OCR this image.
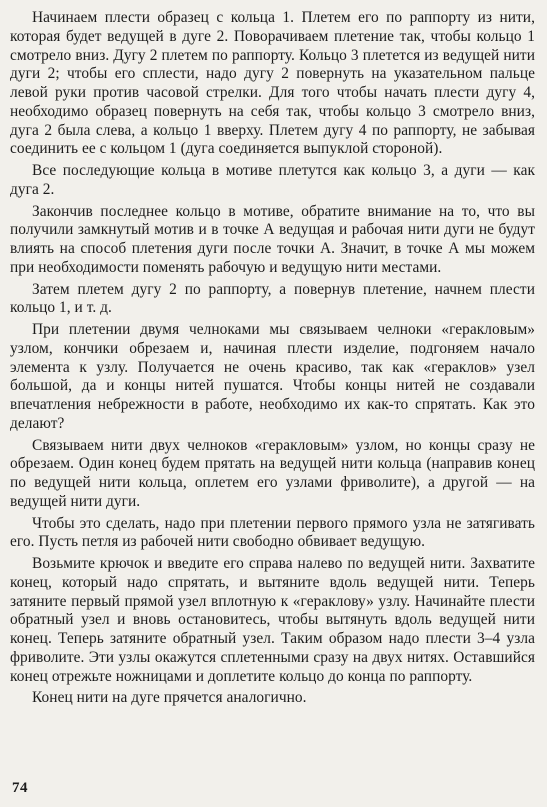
Начинаем плести образец с кольца 1. Плетем его по раппорту из нити, которая будет ведущей в дуге 2. Поворачиваем плетение так, чтобы кольцо 1 смотрело вниз. Дугу 2 плетем по раппорту. Кольцо 3 плетется из ведущей нити дуги 2; чтобы его сплести, надо дугу 2 повернуть на указательном пальце левой руки против часовой стрелки. Для того чтобы начать плести дугу 4, необходимо образец повернуть на себя так, чтобы кольцо 3 смотрело вниз, дуга 2 была слева, а кольцо 1 вверху. Плетем дугу 4 по раппорту, не забывая соединить ее с кольцом 1 (дуга соединяется выпуклой стороной).

Все последующие кольца в мотиве плетутся как кольцо 3, а дуги — как дуга 2.

Закончив последнее кольцо в мотиве, обратите внимание на то, что вы получили замкнутый мотив и в точке А ведущая и рабочая нити дуги не будут влиять на способ плетения дуги после точки А. Значит, в точке А мы можем при необходимости поменять рабочую и ведущую нити местами.

Затем плетем дугу 2 по раппорту, а повернув плетение, начнем плести кольцо 1, и т. д.

При плетении двумя челноками мы связываем челноки «геракловым» узлом, кончики обрезаем и, начиная плести изделие, подгоняем начало элемента к узлу. Получается не очень красиво, так как «гераклов» узел большой, да и концы нитей пушатся. Чтобы концы нитей не создавали впечатления небрежности в работе, необходимо их как-то спрятать. Как это делают?

Связываем нити двух челноков «геракловым» узлом, но концы сразу не обрезаем. Один конец будем прятать на ведущей нити кольца (направив конец по ведущей нити кольца, оплетем его узлами фриволите), а другой — на ведущей нити дуги.

Чтобы это сделать, надо при плетении первого прямого узла не затягивать его. Пусть петля из рабочей нити свободно обвивает ведущую.

Возьмите крючок и введите его справа налево по ведущей нити. Захватите конец, который надо спрятать, и вытяните вдоль ведущей нити. Теперь затяните первый прямой узел вплотную к «гераклову» узлу. Начинайте плести обратный узел и вновь остановитесь, чтобы вытянуть вдоль ведущей нити конец. Теперь затяните обратный узел. Таким образом надо плести 3–4 узла фриволите. Эти узлы окажутся сплетенными сразу на двух нитях. Оставшийся конец отрежьте ножницами и доплетите кольцо до конца по раппорту.

Конец нити на дуге прячется аналогично.

74
